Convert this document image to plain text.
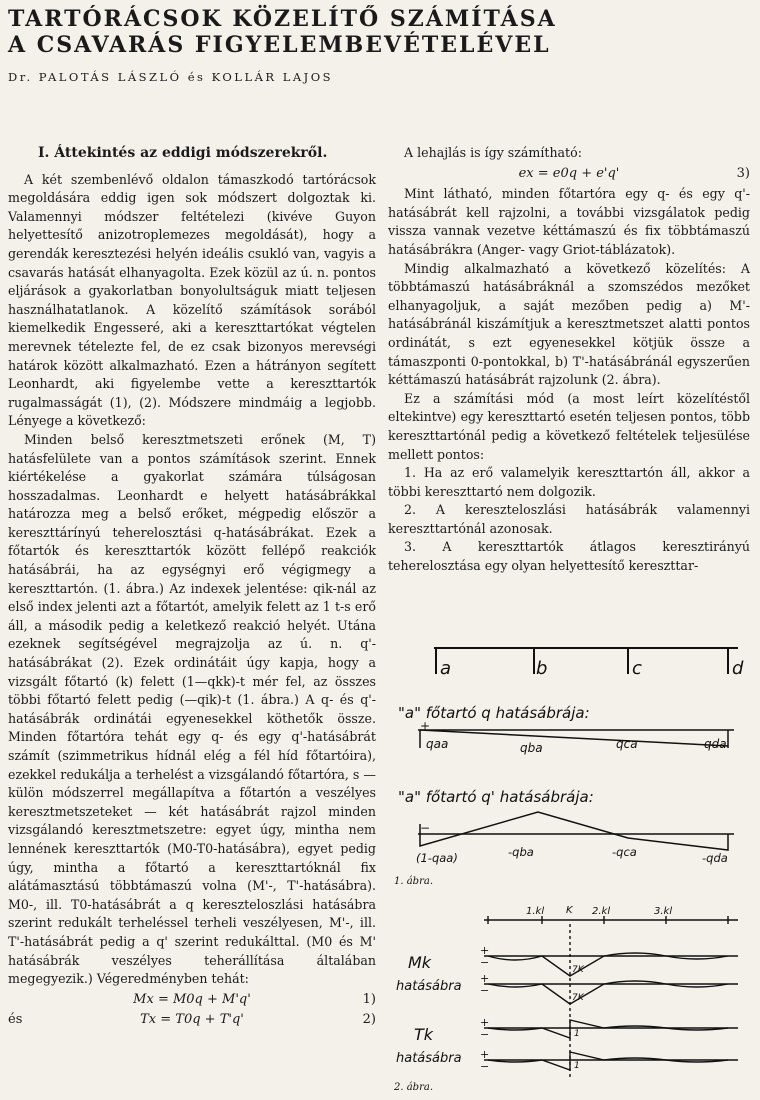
TARTÓRÁCSOK KÖZELÍTŐ SZÁMÍTÁSA
A CSAVARÁS FIGYELEMBEVÉTELÉVEL
Dr. PALOTÁS LÁSZLÓ és KOLLÁR LAJOS
I. Áttekintés az eddigi módszerekről.

A két szembenlévő oldalon támaszkodó tartórácsok megoldására eddig igen sok módszert dolgoztak ki. Valamennyi módszer feltételezi (kivéve Guyon helyettesítő anizotroplemezes megoldását), hogy a gerendák keresztezési helyén ideális csukló van, vagyis a csavarás hatását elhanyagolta. Ezek közül az ú. n. pontos eljárások a gyakorlatban bonyolultságuk miatt teljesen használhatatlanok. A közelítő számítások sorából kiemelkedik Engesseré, aki a kereszttartókat végtelen merevnek tételezte fel, de ez csak bizonyos merevségi határok között alkalmazható. Ezen a hátrányon segített Leonhardt, aki figyelembe vette a kereszttartók rugalmasságát (1), (2). Módszere mindmáig a legjobb. Lényege a következő:

Minden belső keresztmetszeti erőnek (M, T) hatásfelülete van a pontos számítások szerint. Ennek kiértékelése a gyakorlat számára túlságosan hosszadalmas. Leonhardt e helyett hatásábrákkal határozza meg a belső erőket, mégpedig először a kereszttárínyú teherelosztási q-hatásábrákat. Ezek a főtartók és kereszttartók között fellépő reakciók hatásábrái, ha az egységnyi erő végigmegy a kereszttartón. (1. ábra.) Az indexek jelentése: qik-nál az első index jelenti azt a főtartót, amelyik felett az 1 t-s erő áll, a második pedig a keletkező reakció helyét. Utána ezeknek segítségével megrajzolja az ú. n. q'-hatásábrákat (2). Ezek ordinátáit úgy kapja, hogy a vizsgált főtartó (k) felett (1—qkk)-t mér fel, az összes többi főtartó felett pedig (—qik)-t (1. ábra.) A q- és q'-hatásábrák ordinátái egyenesekkel köthetők össze. Minden főtartóra tehát egy q- és egy q'-hatásábrát számít (szimmetrikus hídnál elég a fél híd főtartóira), ezekkel redukálja a terhelést a vizsgálandó főtartóra, s — külön módszerrel megállapítva a főtartón a veszélyes keresztmetszeteket — két hatásábrát rajzol minden vizsgálandó keresztmetszetre: egyet úgy, mintha nem lennének kereszttartók (M0-T0-hatásábra), egyet pedig úgy, mintha a főtartó a kereszttartóknál fix alátámasztású többtámaszú volna (M'-, T'-hatásábra). M0-, ill. T0-hatásábrát a q kereszteloszlási hatásábra szerint redukált terheléssel terheli veszélyesen, M'-, ill. T'-hatásábrát pedig a q' szerint redukálttal. (M0 és M' hatásábrák veszélyes teherállítása általában megegyezik.) Végeredményben tehát:

Mx = M0q + M'q'	1)
és	Tx = T0q + T'q'	2)

A lehajlás is így számítható:

ex = e0q + e'q'	3)

Mint látható, minden főtartóra egy q- és egy q'-hatásábrát kell rajzolni, a további vizsgálatok pedig vissza vannak vezetve kéttámaszú és fix többtámaszú hatásábrákra (Anger- vagy Griot-táblázatok).

Mindig alkalmazható a következő közelítés: A többtámaszú hatásábráknál a szomszédos mezőket elhanyagoljuk, a saját mezőben pedig a) M'-hatásábránál kiszámítjuk a keresztmetszet alatti pontos ordinátát, s ezt egyenesekkel kötjük össze a támaszponti 0-pontokkal, b) T'-hatásábránál egyszerűen kéttámaszú hatásábrát rajzolunk (2. ábra).

Ez a számítási mód (a most leírt közelítéstől eltekintve) egy kereszttartó esetén teljesen pontos, több kereszttartónál pedig a következő feltételek teljesülése mellett pontos:

1. Ha az erő valamelyik kereszttartón áll, akkor a többi kereszttartó nem dolgozik.

2. A kereszteloszlási hatásábrák valamennyi kereszttartónál azonosak.

3. A kereszttartók átlagos keresztirányú teherelosztása egy olyan helyettesítő kereszttar-

a	b	c	d
"a" főtartó q hatásábrája:
+
qaa	qba	qca	qda
"a" főtartó q' hatásábrája:
−
(1-qaa)	-qba	-qca	-qda
1. ábra.
1.kl K 2.kl	3.kl
Mk
hatásábra
Tk
hatásábra
+
−
+
−
+
−
+
−
7K
7K
1
1
2. ábra.
